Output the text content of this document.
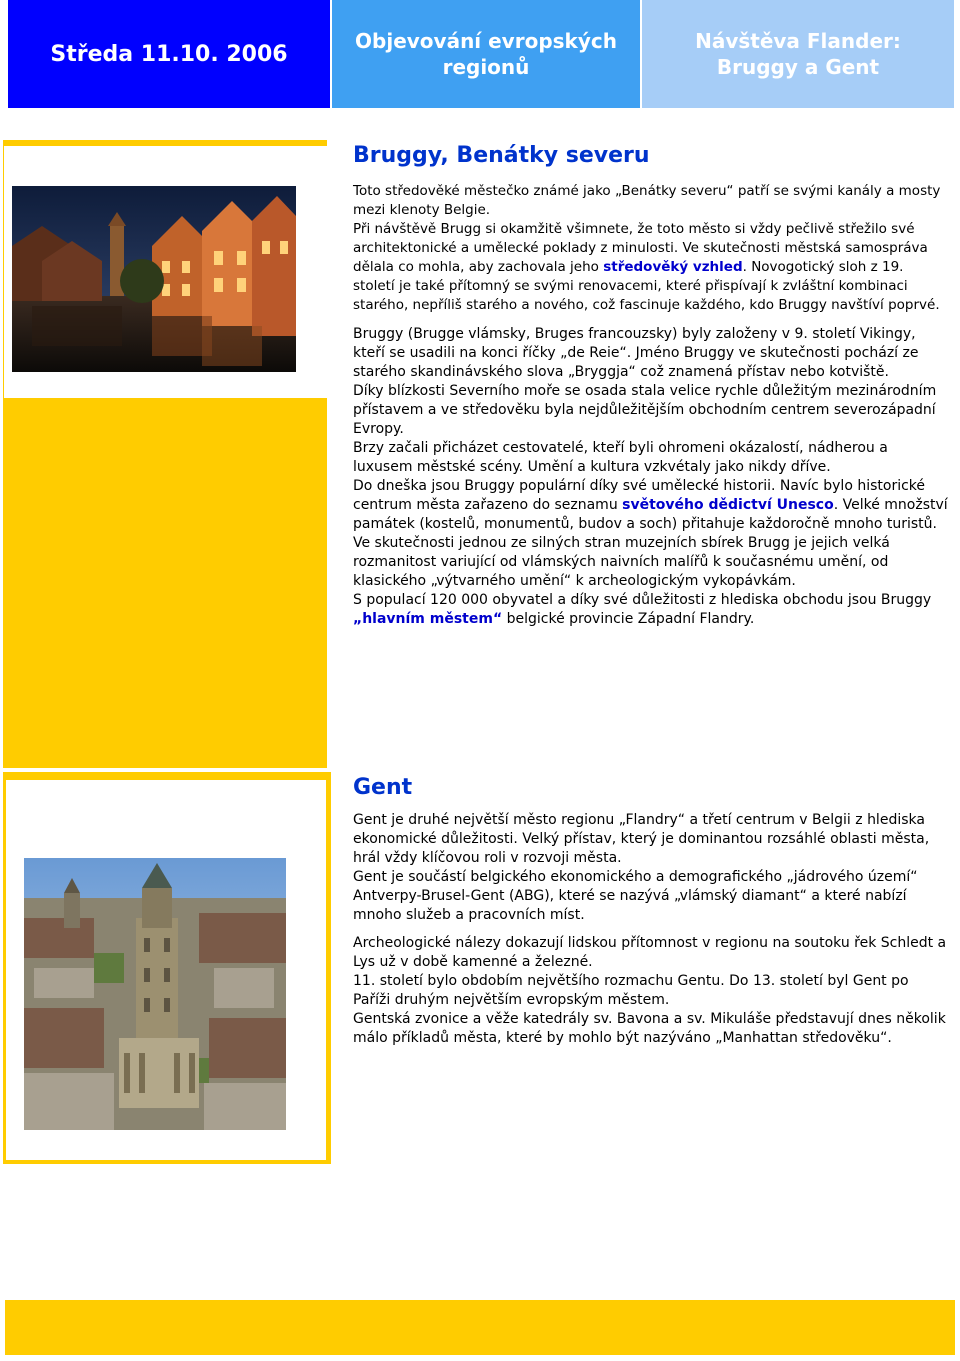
Středa 11.10. 2006
Objevování evropských
regionů
Návštěva Flander:
Bruggy a Gent
Bruggy, Benátky severu

Toto středověké městečko známé jako „Benátky severu“ patří se svými kanály a mosty mezi klenoty Belgie.
Při návštěvě Brugg si okamžitě všimnete, že toto město si vždy pečlivě střežilo své architektonické a umělecké poklady z minulosti. Ve skutečnosti městská samospráva dělala co mohla, aby zachovala jeho středověký vzhled. Novogotický sloh z 19. století je také přítomný se svými renovacemi, které přispívají k zvláštní kombinaci starého, nepříliš starého a nového, což fascinuje každého, kdo Bruggy navštíví poprvé.

Bruggy (Brugge vlámsky, Bruges francouzsky) byly založeny v 9. století Vikingy, kteří se usadili na konci říčky „de Reie“. Jméno Bruggy ve skutečnosti pochází ze starého skandinávského slova „Bryggja“ což znamená přístav nebo kotviště.
Díky blízkosti Severního moře se osada stala velice rychle důležitým mezinárodním přístavem a ve středověku byla nejdůležitějším obchodním centrem severozápadní Evropy.
Brzy začali přicházet cestovatelé, kteří byli ohromeni okázalostí, nádherou a luxusem městské scény. Umění a kultura vzkvétaly jako nikdy dříve.
Do dneška jsou Bruggy populární díky své umělecké historii. Navíc bylo historické centrum města zařazeno do seznamu světového dědictví Unesco. Velké množství památek (kostelů, monumentů, budov a soch) přitahuje každoročně mnoho turistů.
Ve skutečnosti jednou ze silných stran muzejních sbírek Brugg je jejich velká rozmanitost variující od vlámských naivních malířů k současnému umění, od klasického „výtvarného umění“ k archeologickým vykopávkám.
S populací 120 000 obyvatel a díky své důležitosti z hlediska obchodu jsou Bruggy „hlavním městem“ belgické provincie Západní Flandry.

Gent

Gent je druhé největší město regionu „Flandry“ a třetí centrum v Belgii z hlediska ekonomické důležitosti. Velký přístav, který je dominantou rozsáhlé oblasti města, hrál vždy klíčovou roli v rozvoji města.
Gent je součástí belgického ekonomického a demografického „jádrového území“ Antverpy-Brusel-Gent (ABG), které se nazývá „vlámský diamant“ a které nabízí mnoho služeb a pracovních míst.

Archeologické nálezy dokazují lidskou přítomnost v regionu na soutoku řek Schledt a Lys už v době kamenné a železné.
11. století bylo obdobím největšího rozmachu Gentu. Do 13. století byl Gent po Paříži druhým největším evropským městem.
Gentská zvonice a věže katedrály sv. Bavona a sv. Mikuláše představují dnes několik málo příkladů města, které by mohlo být nazýváno „Manhattan středověku“.
